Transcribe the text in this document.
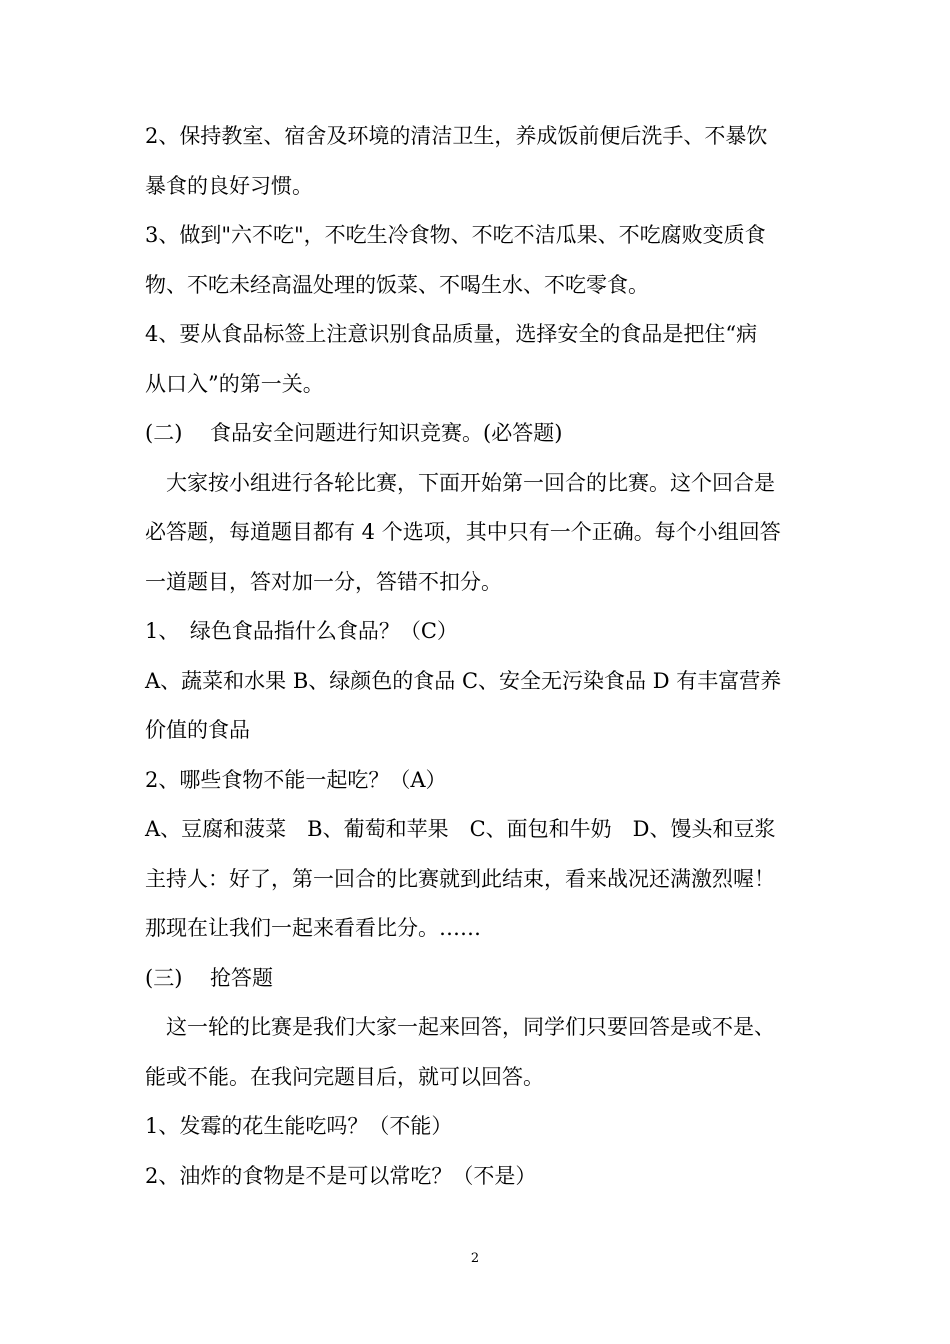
2、保持教室、宿舍及环境的清洁卫生，养成饭前便后洗手、不暴饮
暴食的良好习惯。
3、做到"六不吃"，不吃生冷食物、不吃不洁瓜果、不吃腐败变质食
物、不吃未经高温处理的饭菜、不喝生水、不吃零食。
4、要从食品标签上注意识别食品质量，选择安全的食品是把住“病
从口入”的第一关。
(二)　 食品安全问题进行知识竞赛。(必答题)
　大家按小组进行各轮比赛，下面开始第一回合的比赛。这个回合是
必答题，每道题目都有 4 个选项，其中只有一个正确。每个小组回答
一道题目，答对加一分，答错不扣分。
1、　绿色食品指什么食品？（C）
A、蔬菜和水果 B、绿颜色的食品 C、安全无污染食品 D 有丰富营养
价值的食品
2、哪些食物不能一起吃？（A）
A、豆腐和菠菜　B、葡萄和苹果　C、面包和牛奶　D、馒头和豆浆
主持人：好了，第一回合的比赛就到此结束，看来战况还满激烈喔！
那现在让我们一起来看看比分。……
(三)　 抢答题
　这一轮的比赛是我们大家一起来回答，同学们只要回答是或不是、
能或不能。在我问完题目后，就可以回答。
1、发霉的花生能吃吗？（不能）
2、油炸的食物是不是可以常吃？（不是）
2
